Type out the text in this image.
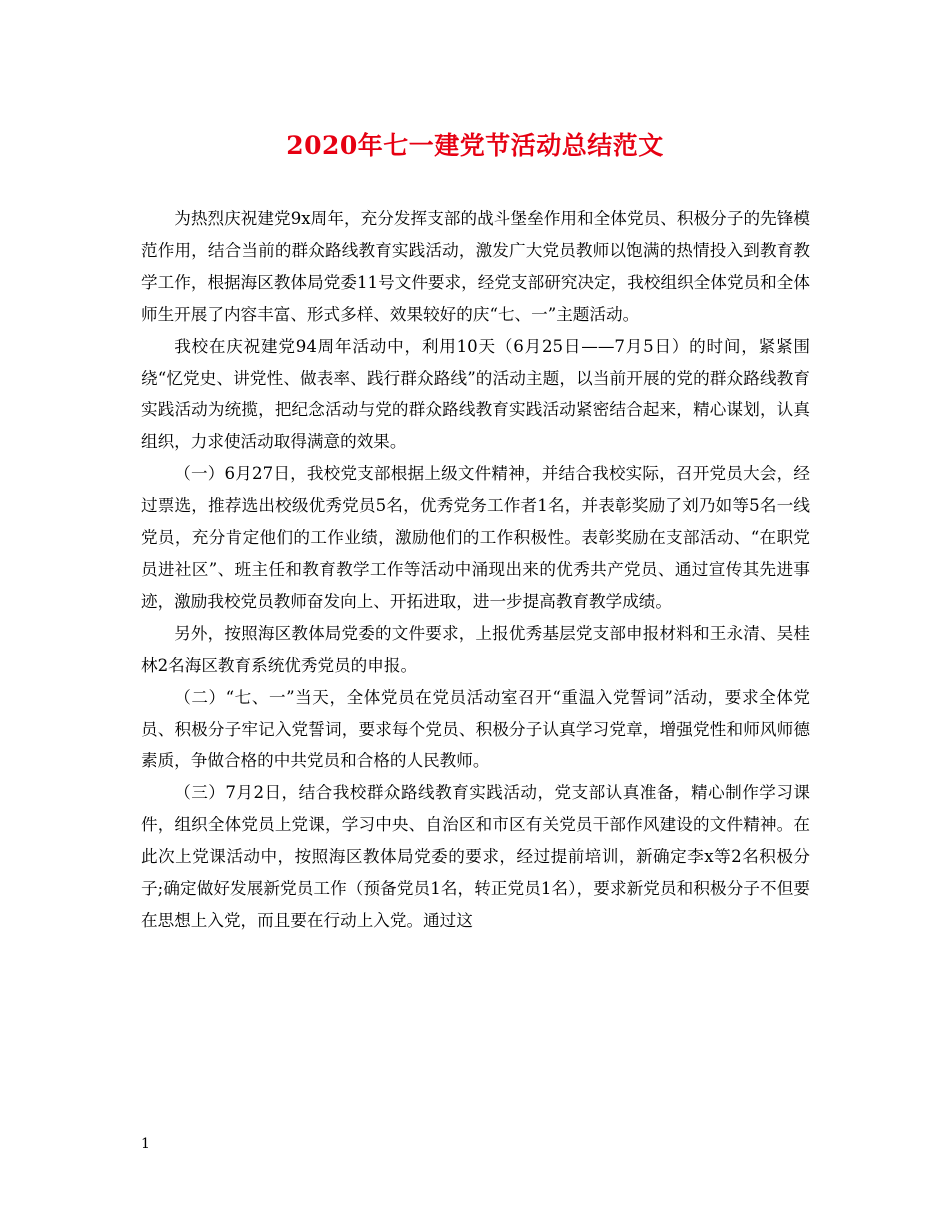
2020年七一建党节活动总结范文

为热烈庆祝建党9x周年，充分发挥支部的战斗堡垒作用和全体党员、积极分子的先锋模范作用，结合当前的群众路线教育实践活动，激发广大党员教师以饱满的热情投入到教育教学工作，根据海区教体局党委11号文件要求，经党支部研究决定，我校组织全体党员和全体师生开展了内容丰富、形式多样、效果较好的庆“七、一”主题活动。

我校在庆祝建党94周年活动中，利用10天（6月25日——7月5日）的时间，紧紧围绕“忆党史、讲党性、做表率、践行群众路线”的活动主题，以当前开展的党的群众路线教育实践活动为统揽，把纪念活动与党的群众路线教育实践活动紧密结合起来，精心谋划，认真组织，力求使活动取得满意的效果。

（一）6月27日，我校党支部根据上级文件精神，并结合我校实际，召开党员大会，经过票选，推荐选出校级优秀党员5名，优秀党务工作者1名，并表彰奖励了刘乃如等5名一线党员，充分肯定他们的工作业绩，激励他们的工作积极性。表彰奖励在支部活动、“在职党员进社区”、班主任和教育教学工作等活动中涌现出来的优秀共产党员、通过宣传其先进事迹，激励我校党员教师奋发向上、开拓进取，进一步提高教育教学成绩。

另外，按照海区教体局党委的文件要求，上报优秀基层党支部申报材料和王永清、吴桂林2名海区教育系统优秀党员的申报。

（二）“七、一”当天，全体党员在党员活动室召开“重温入党誓词”活动，要求全体党员、积极分子牢记入党誓词，要求每个党员、积极分子认真学习党章，增强党性和师风师德素质，争做合格的中共党员和合格的人民教师。

（三）7月2日，结合我校群众路线教育实践活动，党支部认真准备，精心制作学习课件，组织全体党员上党课，学习中央、自治区和市区有关党员干部作风建设的文件精神。在此次上党课活动中，按照海区教体局党委的要求，经过提前培训，新确定李x等2名积极分子;确定做好发展新党员工作（预备党员1名，转正党员1名），要求新党员和积极分子不但要在思想上入党，而且要在行动上入党。通过这

1
